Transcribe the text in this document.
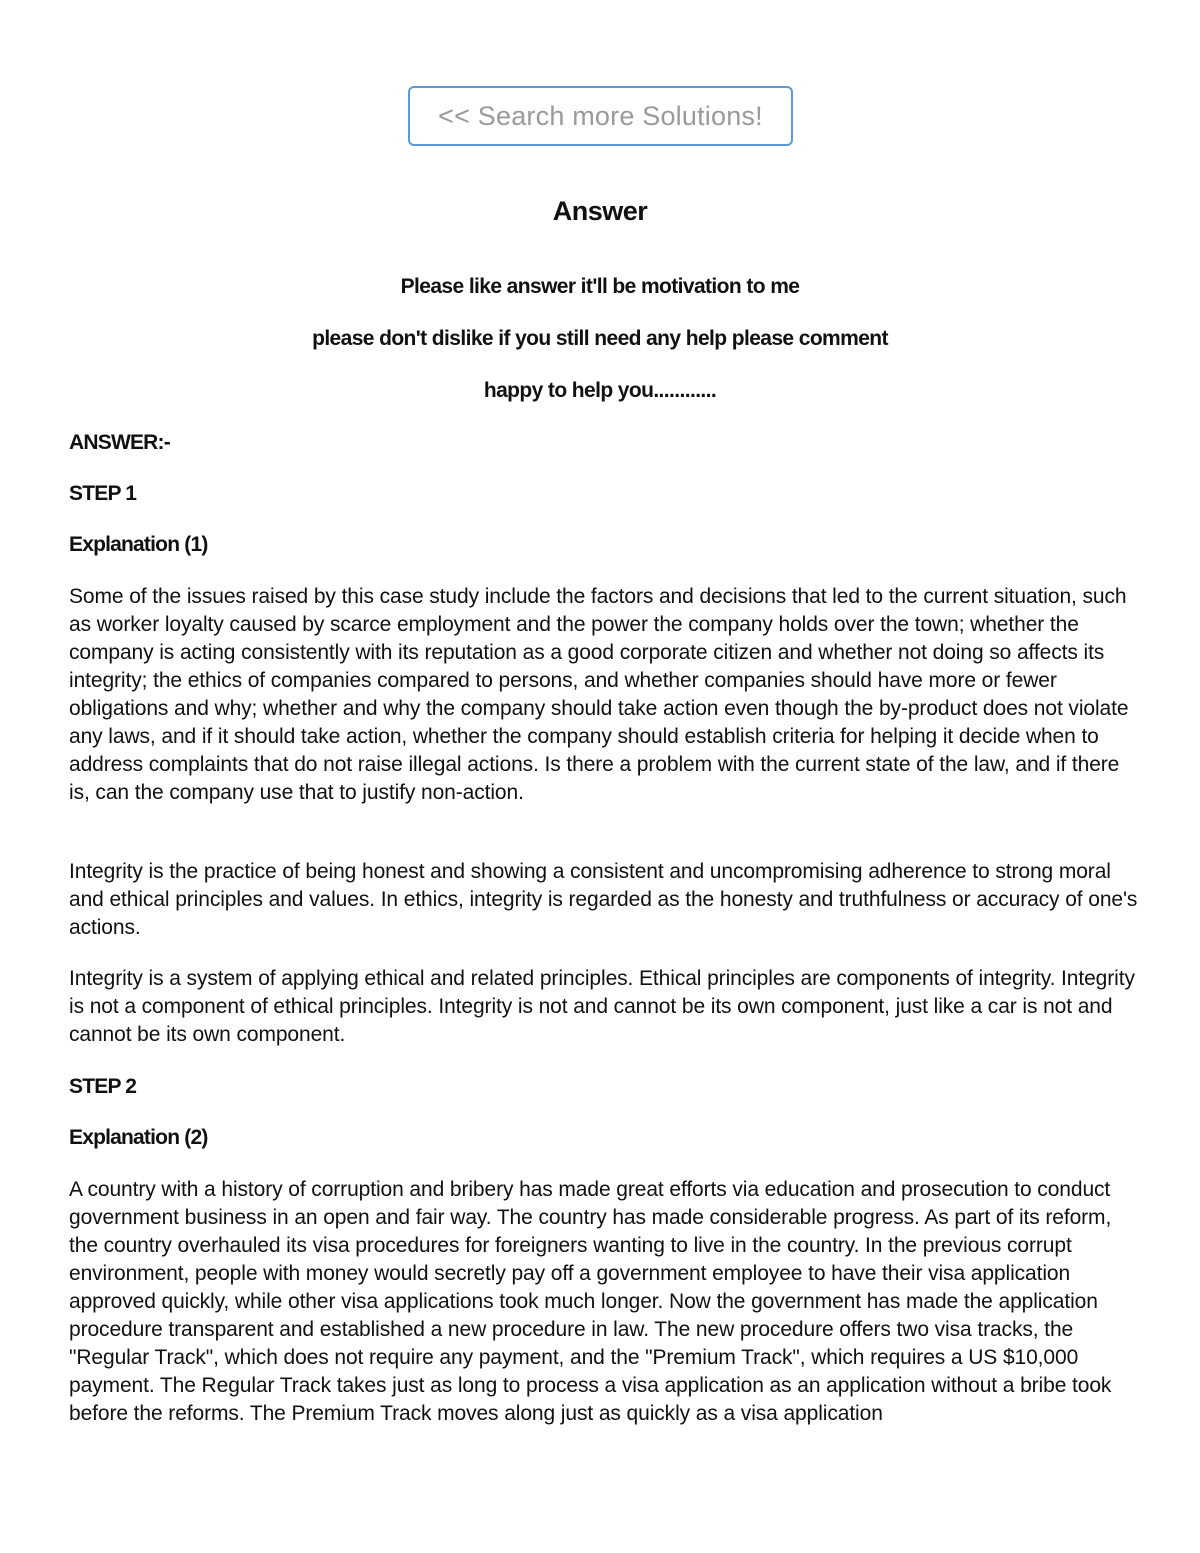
<< Search more Solutions!
Answer
Please like answer it'll be motivation to me
please don't dislike if you still need any help please comment
happy to help you............
ANSWER:-
STEP 1
Explanation (1)

Some of the issues raised by this case study include the factors and decisions that led to the current situation, such as worker loyalty caused by scarce employment and the power the company holds over the town; whether the company is acting consistently with its reputation as a good corporate citizen and whether not doing so affects its integrity; the ethics of companies compared to persons, and whether companies should have more or fewer obligations and why; whether and why the company should take action even though the by-product does not violate any laws, and if it should take action, whether the company should establish criteria for helping it decide when to address complaints that do not raise illegal actions. Is there a problem with the current state of the law, and if there is, can the company use that to justify non-action.

Integrity is the practice of being honest and showing a consistent and uncompromising adherence to strong moral and ethical principles and values. In ethics, integrity is regarded as the honesty and truthfulness or accuracy of one's actions.

Integrity is a system of applying ethical and related principles. Ethical principles are components of integrity. Integrity is not a component of ethical principles. Integrity is not and cannot be its own component, just like a car is not and cannot be its own component.

STEP 2
Explanation (2)

A country with a history of corruption and bribery has made great efforts via education and prosecution to conduct government business in an open and fair way. The country has made considerable progress. As part of its reform, the country overhauled its visa procedures for foreigners wanting to live in the country. In the previous corrupt environment, people with money would secretly pay off a government employee to have their visa application approved quickly, while other visa applications took much longer. Now the government has made the application procedure transparent and established a new procedure in law. The new procedure offers two visa tracks, the "Regular Track", which does not require any payment, and the "Premium Track", which requires a US $10,000 payment. The Regular Track takes just as long to process a visa application as an application without a bribe took before the reforms. The Premium Track moves along just as quickly as a visa application
